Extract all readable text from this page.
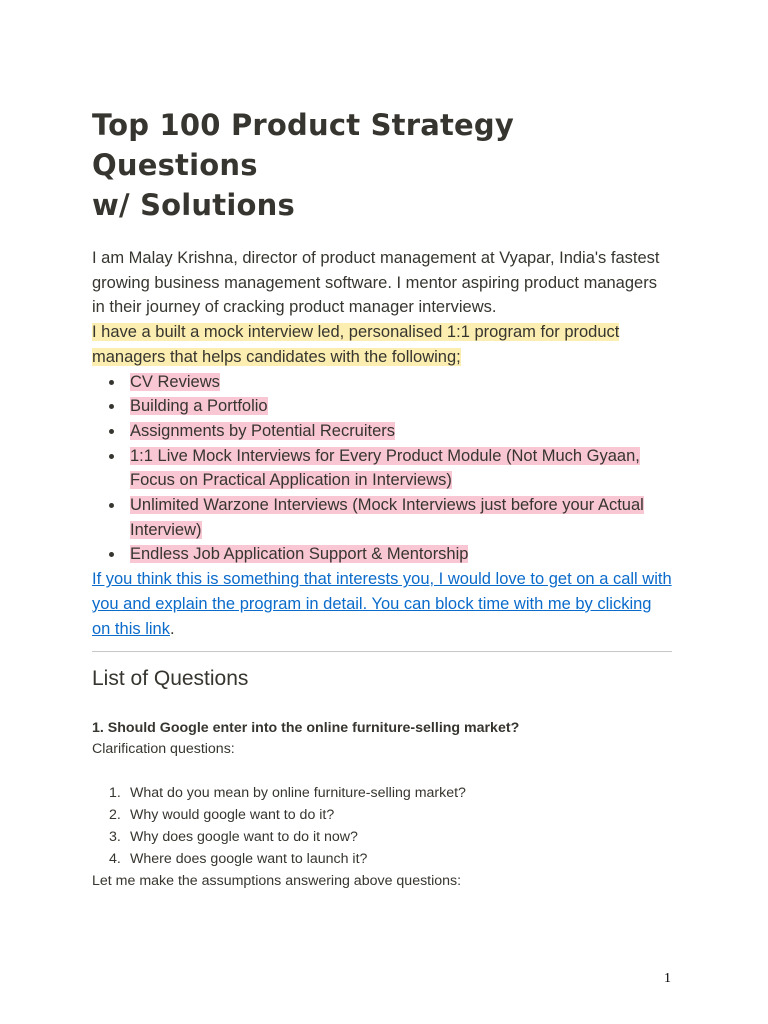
Top 100 Product Strategy Questions
w/ Solutions

I am Malay Krishna, director of product management at Vyapar, India's fastest growing business management software. I mentor aspiring product managers in their journey of cracking product manager interviews.

I have a built a mock interview led, personalised 1:1 program for product managers that helps candidates with the following;

CV Reviews
Building a Portfolio
Assignments by Potential Recruiters
1:1 Live Mock Interviews for Every Product Module (Not Much Gyaan, Focus on Practical Application in Interviews)
Unlimited Warzone Interviews (Mock Interviews just before your Actual Interview)
Endless Job Application Support & Mentorship

If you think this is something that interests you, I would love to get on a call with you and explain the program in detail. You can block time with me by clicking on this link.

List of Questions
1. Should Google enter into the online furniture-selling market?

Clarification questions:

1. What do you mean by online furniture-selling market?
2. Why would google want to do it?
3. Why does google want to do it now?
4. Where does google want to launch it?

Let me make the assumptions answering above questions:

1
